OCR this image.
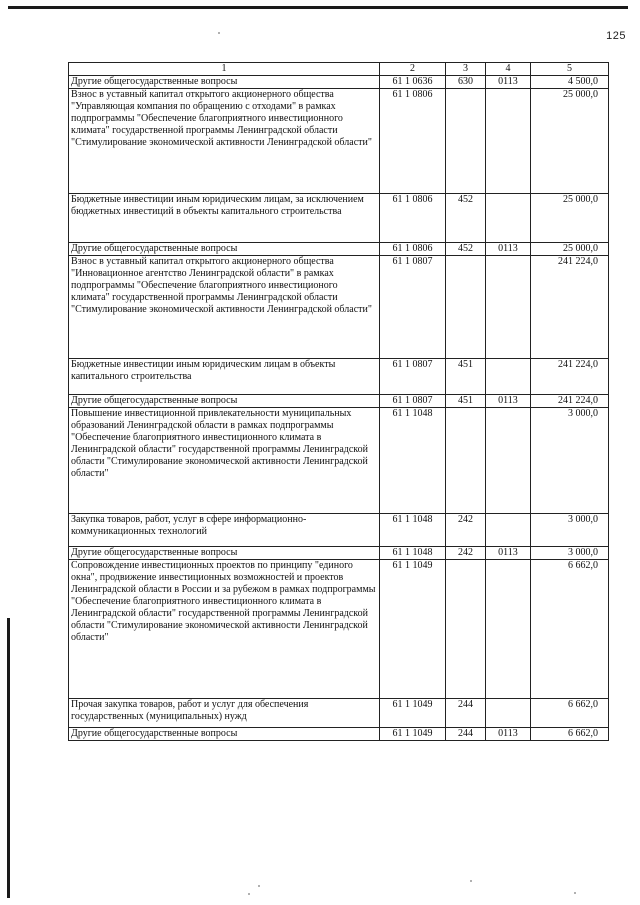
125
1	2	3	4	5
Другие общегосударственные вопросы	61 1 0636	630	0113	4 500,0
Взнос в уставный капитал открытого акционерного общества "Управляющая компания по обращению с отходами" в рамках подпрограммы "Обеспечение благоприятного инвестиционного климата" государственной программы Ленинградской области "Стимулирование экономической активности Ленинградской области"	61 1 0806			25 000,0
Бюджетные инвестиции иным юридическим лицам, за исключением бюджетных инвестиций в объекты капитального строительства	61 1 0806	452		25 000,0
Другие общегосударственные вопросы	61 1 0806	452	0113	25 000,0
Взнос в уставный капитал открытого акционерного общества "Инновационное агентство Ленинградской области" в рамках подпрограммы "Обеспечение благоприятного инвестиционого климата" государственной программы Ленинградской области "Стимулирование экономической активности Ленинградской области"	61 1 0807			241 224,0
Бюджетные инвестиции иным юридическим лицам в объекты капитального строительства	61 1 0807	451		241 224,0
Другие общегосударственные вопросы	61 1 0807	451	0113	241 224,0
Повышение инвестиционной привлекательности муниципальных образований Ленинградской области в рамках подпрограммы "Обеспечение благоприятного инвестиционного климата в Ленинградской области" государственной программы Ленинградской области "Стимулирование экономической активности Ленинградской области"	61 1 1048			3 000,0
Закупка товаров, работ, услуг в сфере информационно-коммуникационных технологий	61 1 1048	242		3 000,0
Другие общегосударственные вопросы	61 1 1048	242	0113	3 000,0
Сопровождение инвестиционных проектов по принципу "единого окна", продвижение инвестиционных возможностей и проектов Ленинградской области в России и за рубежом в рамках подпрограммы "Обеспечение благоприятного инвестиционного климата в Ленинградской области" государственной программы Ленинградской области "Стимулирование экономической активности Ленинградской области"	61 1 1049			6 662,0
Прочая закупка товаров, работ и услуг для обеспечения государственных (муниципальных) нужд	61 1 1049	244		6 662,0
Другие общегосударственные вопросы	61 1 1049	244	0113	6 662,0
